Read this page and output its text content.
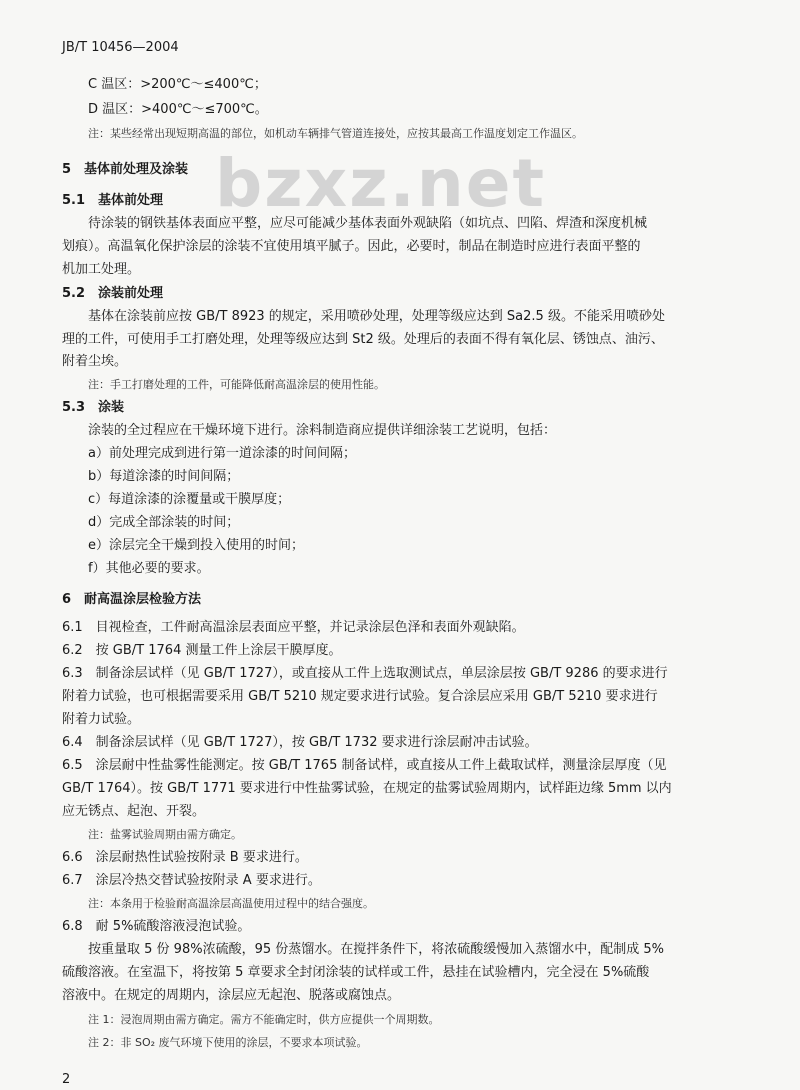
JB/T 10456—2004
bzxz.net
C 温区：>200℃～≤400℃；
D 温区：>400℃～≤700℃。
注：某些经常出现短期高温的部位，如机动车辆排气管道连接处，应按其最高工作温度划定工作温区。
5　基体前处理及涂装
5.1　基体前处理
待涂装的钢铁基体表面应平整，应尽可能减少基体表面外观缺陷（如坑点、凹陷、焊渣和深度机械
划痕）。高温氧化保护涂层的涂装不宜使用填平腻子。因此，必要时，制品在制造时应进行表面平整的
机加工处理。
5.2　涂装前处理
基体在涂装前应按 GB/T 8923 的规定，采用喷砂处理，处理等级应达到 Sa2.5 级。不能采用喷砂处
理的工件，可使用手工打磨处理，处理等级应达到 St2 级。处理后的表面不得有氧化层、锈蚀点、油污、
附着尘埃。
注：手工打磨处理的工件，可能降低耐高温涂层的使用性能。
5.3　涂装
涂装的全过程应在干燥环境下进行。涂料制造商应提供详细涂装工艺说明，包括：
a）前处理完成到进行第一道涂漆的时间间隔；
b）每道涂漆的时间间隔；
c）每道涂漆的涂覆量或干膜厚度；
d）完成全部涂装的时间；
e）涂层完全干燥到投入使用的时间；
f）其他必要的要求。
6　耐高温涂层检验方法
6.1　目视检查，工件耐高温涂层表面应平整，并记录涂层色泽和表面外观缺陷。
6.2　按 GB/T 1764 测量工件上涂层干膜厚度。
6.3　制备涂层试样（见 GB/T 1727），或直接从工件上选取测试点，单层涂层按 GB/T 9286 的要求进行
附着力试验，也可根据需要采用 GB/T 5210 规定要求进行试验。复合涂层应采用 GB/T 5210 要求进行
附着力试验。
6.4　制备涂层试样（见 GB/T 1727），按 GB/T 1732 要求进行涂层耐冲击试验。
6.5　涂层耐中性盐雾性能测定。按 GB/T 1765 制备试样，或直接从工件上截取试样，测量涂层厚度（见
GB/T 1764）。按 GB/T 1771 要求进行中性盐雾试验，在规定的盐雾试验周期内，试样距边缘 5mm 以内
应无锈点、起泡、开裂。
注：盐雾试验周期由需方确定。
6.6　涂层耐热性试验按附录 B 要求进行。
6.7　涂层冷热交替试验按附录 A 要求进行。
注：本条用于检验耐高温涂层高温使用过程中的结合强度。
6.8　耐 5%硫酸溶液浸泡试验。
按重量取 5 份 98%浓硫酸，95 份蒸馏水。在搅拌条件下，将浓硫酸缓慢加入蒸馏水中，配制成 5%
硫酸溶液。在室温下，将按第 5 章要求全封闭涂装的试样或工件，悬挂在试验槽内，完全浸在 5%硫酸
溶液中。在规定的周期内，涂层应无起泡、脱落或腐蚀点。
注 1：浸泡周期由需方确定。需方不能确定时，供方应提供一个周期数。
注 2：非 SO₂ 废气环境下使用的涂层，不要求本项试验。
2
